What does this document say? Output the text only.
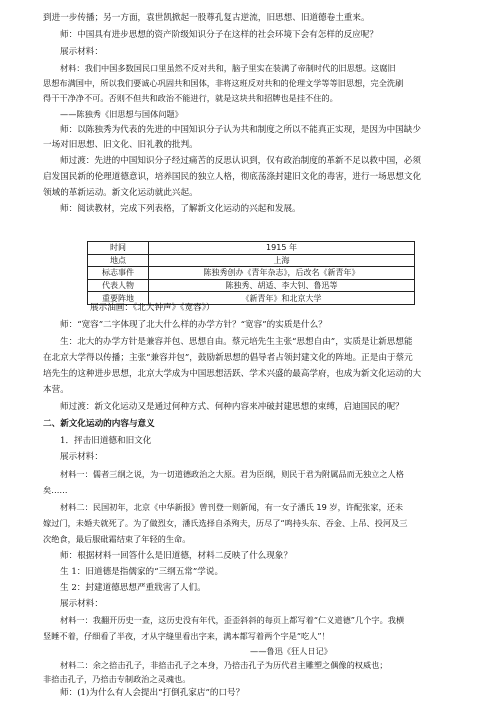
到进一步传播；另一方面，袁世凯掀起一股尊孔复古逆流，旧思想、旧道德卷土重来。
师：中国具有进步思想的资产阶级知识分子在这样的社会环境下会有怎样的反应呢？
展示材料：
材料：我们中国多数国民口里虽然不反对共和，脑子里实在装满了帝制时代的旧思想。这腐旧
思想布满国中，所以我们要诚心巩固共和国体，非将这班反对共和的伦理文学等等旧思想，完全洗刷
得干干净净不可。否则不但共和政治不能进行，就是这块共和招牌也是挂不住的。
——陈独秀《旧思想与国体问题》
师：以陈独秀为代表的先进的中国知识分子认为共和制度之所以不能真正实现，是因为中国缺少
一场对旧思想、旧文化、旧礼教的批判。
师过渡：先进的中国知识分子经过痛苦的反思认识到，仅有政治制度的革新不足以救中国，必须
启发国民新的伦理道德意识，培养国民的独立人格，彻底荡涤封建旧文化的毒害，进行一场思想文化
领域的革新运动。新文化运动就此兴起。
师：阅读教材，完成下列表格，了解新文化运动的兴起和发展。
时间	1915 年
地点	上海
标志事件	陈独秀创办《青年杂志》，后改名《新青年》
代表人物	陈独秀、胡适、李大钊、鲁迅等
重要阵地	《新青年》和北京大学
展示油画：《北大钟声》《宽容》）
师：“宽容”二字体现了北大什么样的办学方针？“宽容”的实质是什么？
生：北大的办学方针是兼容并包、思想自由。蔡元培先生主张“思想自由”，实质是让新思想能
在北京大学得以传播；主张“兼容并包”，鼓励新思想的倡导者占领封建文化的阵地。正是由于蔡元
培先生的这种进步思想，北京大学成为中国思想活跃、学术兴盛的最高学府，也成为新文化运动的大
本营。
师过渡：新文化运动又是通过何种方式、何种内容来冲破封建思想的束缚，启迪国民的呢？
二、新文化运动的内容与意义
1．抨击旧道德和旧文化
展示材料：
材料一：儒者三纲之说，为一切道德政治之大原。君为臣纲，则民于君为附属品而无独立之人格
矣……
材料二：民国初年，北京《中华新报》曾刊登一则新闻，有一女子潘氏 19 岁，许配张家，还未
嫁过门，未婚夫就死了。为了做烈女，潘氏选择自杀殉夫，历尽了“鸣持头东、吞金、上吊、投河及三
次绝食，最后服砒霜结束了年轻的生命。
师：根据材料一回答什么是旧道德，材料二反映了什么现象？
生 1：旧道德是指儒家的“三纲五常”学说。
生 2：封建道德思想严重戕害了人们。
展示材料：
材料一：我翻开历史一查，这历史没有年代，歪歪斜斜的每页上都写着“仁义道德”几个字。我横
竖睡不着，仔细看了半夜，才从字缝里看出字来，满本都写着两个字是“吃人”！
——鲁迅《狂人日记》
材料二：余之掊击孔子，非掊击孔子之本身，乃掊击孔子为历代君主雕塑之偶像的权威也；
非掊击孔子，乃掊击专制政治之灵魂也。
师：(1)为什么有人会提出“打倒孔家店”的口号？
